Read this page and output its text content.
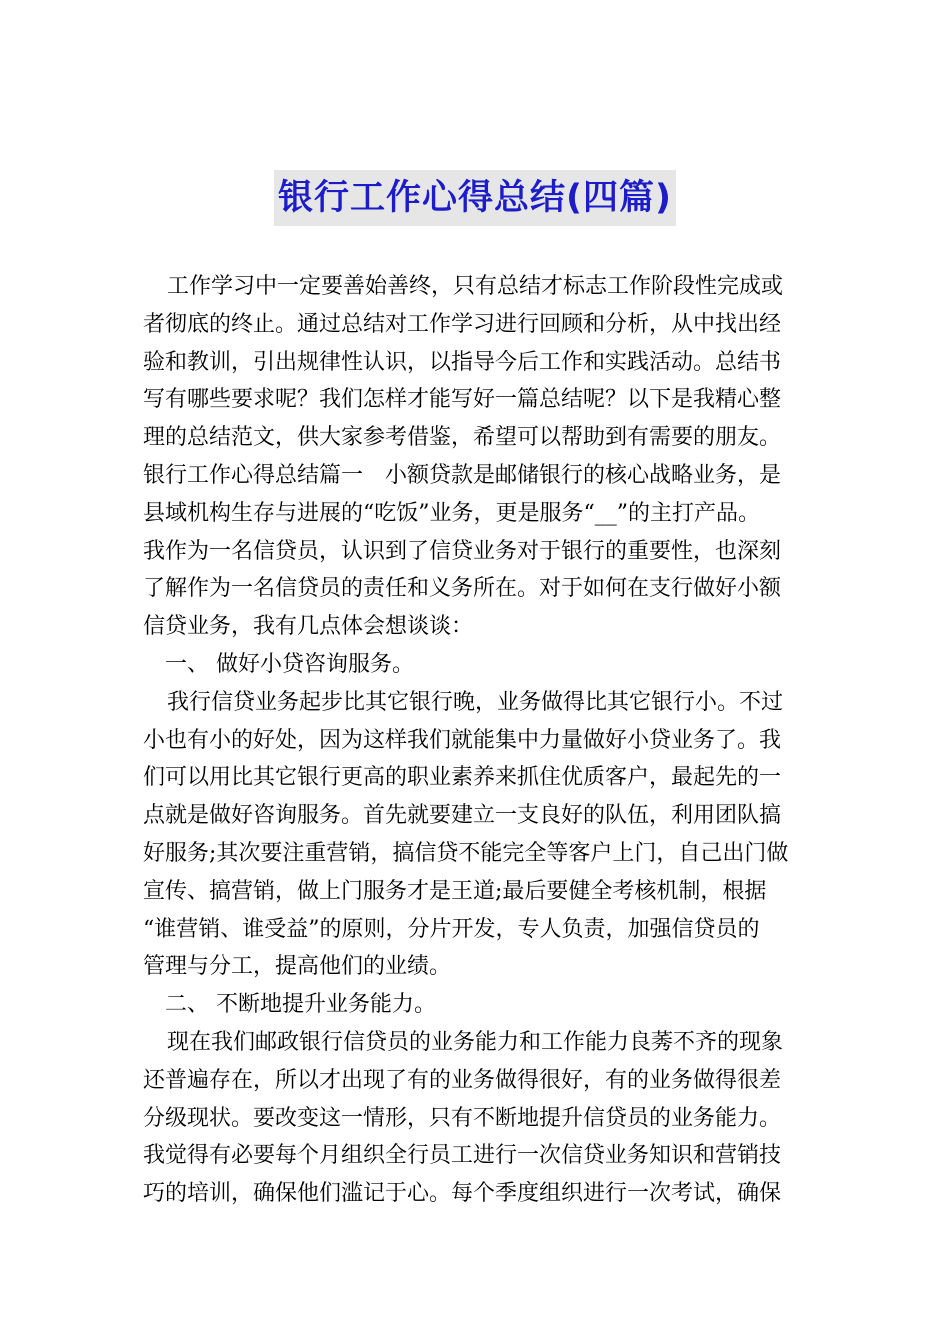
银行工作心得总结(四篇)
工作学习中一定要善始善终，只有总结才标志工作阶段性完成或
者彻底的终止。通过总结对工作学习进行回顾和分析，从中找出经
验和教训，引出规律性认识，以指导今后工作和实践活动。总结书
写有哪些要求呢？我们怎样才能写好一篇总结呢？以下是我精心整
理的总结范文，供大家参考借鉴，希望可以帮助到有需要的朋友。
银行工作心得总结篇一　小额贷款是邮储银行的核心战略业务，是
县域机构生存与进展的“吃饭”业务，更是服务“__”的主打产品。
我作为一名信贷员，认识到了信贷业务对于银行的重要性，也深刻
了解作为一名信贷员的责任和义务所在。对于如何在支行做好小额
信贷业务，我有几点体会想谈谈：
一、 做好小贷咨询服务。
我行信贷业务起步比其它银行晚，业务做得比其它银行小。不过
小也有小的好处，因为这样我们就能集中力量做好小贷业务了。我
们可以用比其它银行更高的职业素养来抓住优质客户，最起先的一
点就是做好咨询服务。首先就要建立一支良好的队伍，利用团队搞
好服务;其次要注重营销，搞信贷不能完全等客户上门，自己出门做
宣传、搞营销，做上门服务才是王道;最后要健全考核机制，根据
“谁营销、谁受益”的原则，分片开发，专人负责，加强信贷员的
管理与分工，提高他们的业绩。
二、 不断地提升业务能力。
现在我们邮政银行信贷员的业务能力和工作能力良莠不齐的现象
还普遍存在，所以才出现了有的业务做得很好，有的业务做得很差
分级现状。要改变这一情形，只有不断地提升信贷员的业务能力。
我觉得有必要每个月组织全行员工进行一次信贷业务知识和营销技
巧的培训，确保他们滥记于心。每个季度组织进行一次考试，确保
